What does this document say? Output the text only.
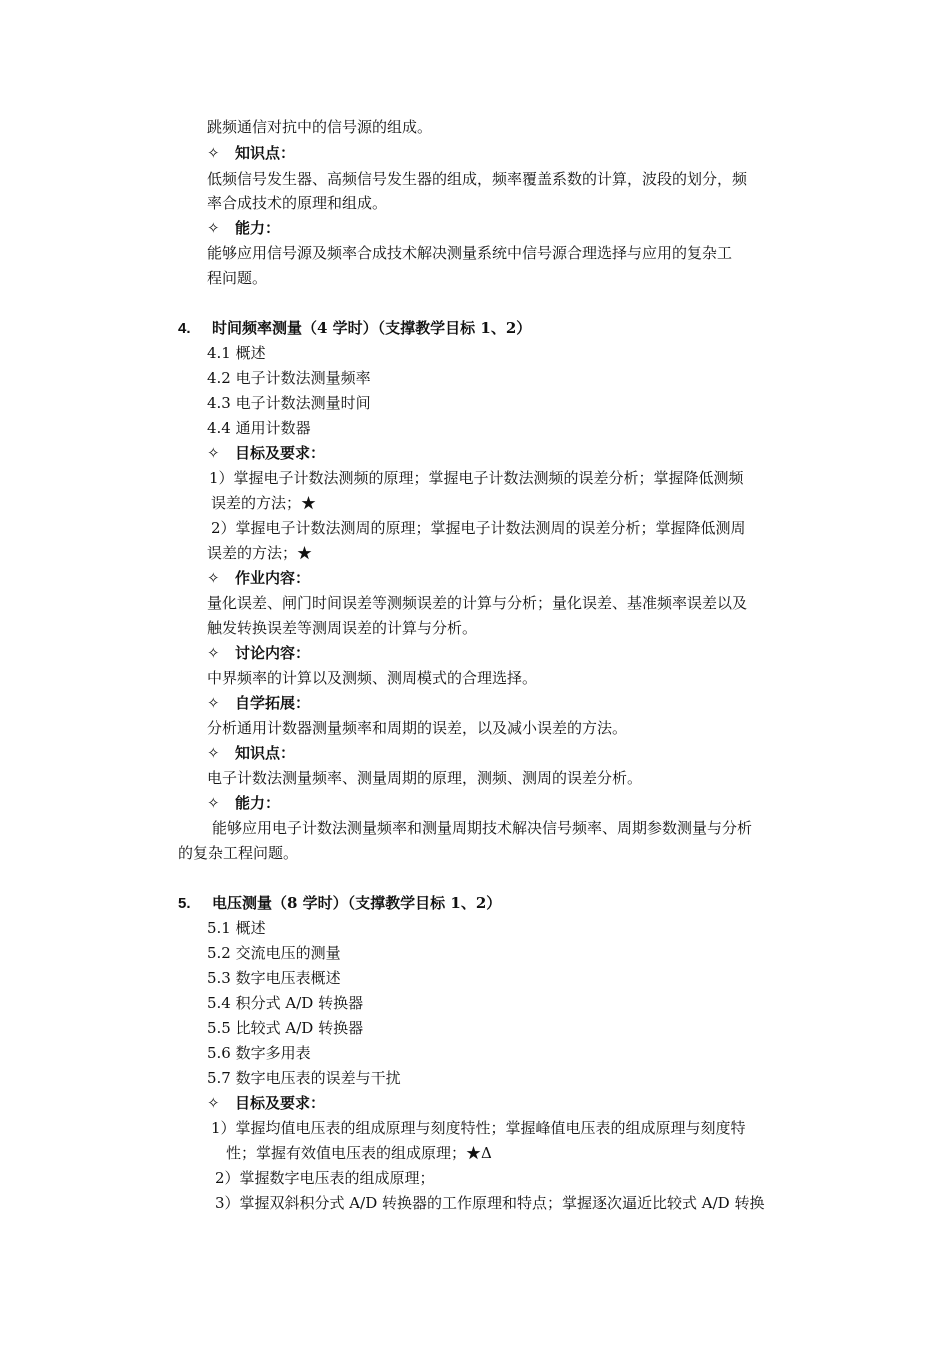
跳频通信对抗中的信号源的组成。
✧ 知识点：
低频信号发生器、高频信号发生器的组成，频率覆盖系数的计算，波段的划分，频
率合成技术的原理和组成。
✧ 能力：
能够应用信号源及频率合成技术解决测量系统中信号源合理选择与应用的复杂工
程问题。
4. 时间频率测量（4 学时）（支撑教学目标 1、2）
4.1 概述
4.2 电子计数法测量频率
4.3 电子计数法测量时间
4.4 通用计数器
✧ 目标及要求：
1）掌握电子计数法测频的原理；掌握电子计数法测频的误差分析；掌握降低测频
误差的方法；★
2）掌握电子计数法测周的原理；掌握电子计数法测周的误差分析；掌握降低测周
误差的方法；★
✧ 作业内容：
量化误差、闸门时间误差等测频误差的计算与分析；量化误差、基准频率误差以及
触发转换误差等测周误差的计算与分析。
✧ 讨论内容：
中界频率的计算以及测频、测周模式的合理选择。
✧ 自学拓展：
分析通用计数器测量频率和周期的误差，以及减小误差的方法。
✧ 知识点：
电子计数法测量频率、测量周期的原理，测频、测周的误差分析。
✧ 能力：
能够应用电子计数法测量频率和测量周期技术解决信号频率、周期参数测量与分析
的复杂工程问题。
5. 电压测量（8 学时）（支撑教学目标 1、2）
5.1 概述
5.2 交流电压的测量
5.3 数字电压表概述
5.4 积分式 A/D 转换器
5.5 比较式 A/D 转换器
5.6 数字多用表
5.7 数字电压表的误差与干扰
✧ 目标及要求：
1）掌握均值电压表的组成原理与刻度特性；掌握峰值电压表的组成原理与刻度特
性；掌握有效值电压表的组成原理；★Δ
2）掌握数字电压表的组成原理；
3）掌握双斜积分式 A/D 转换器的工作原理和特点；掌握逐次逼近比较式 A/D 转换
